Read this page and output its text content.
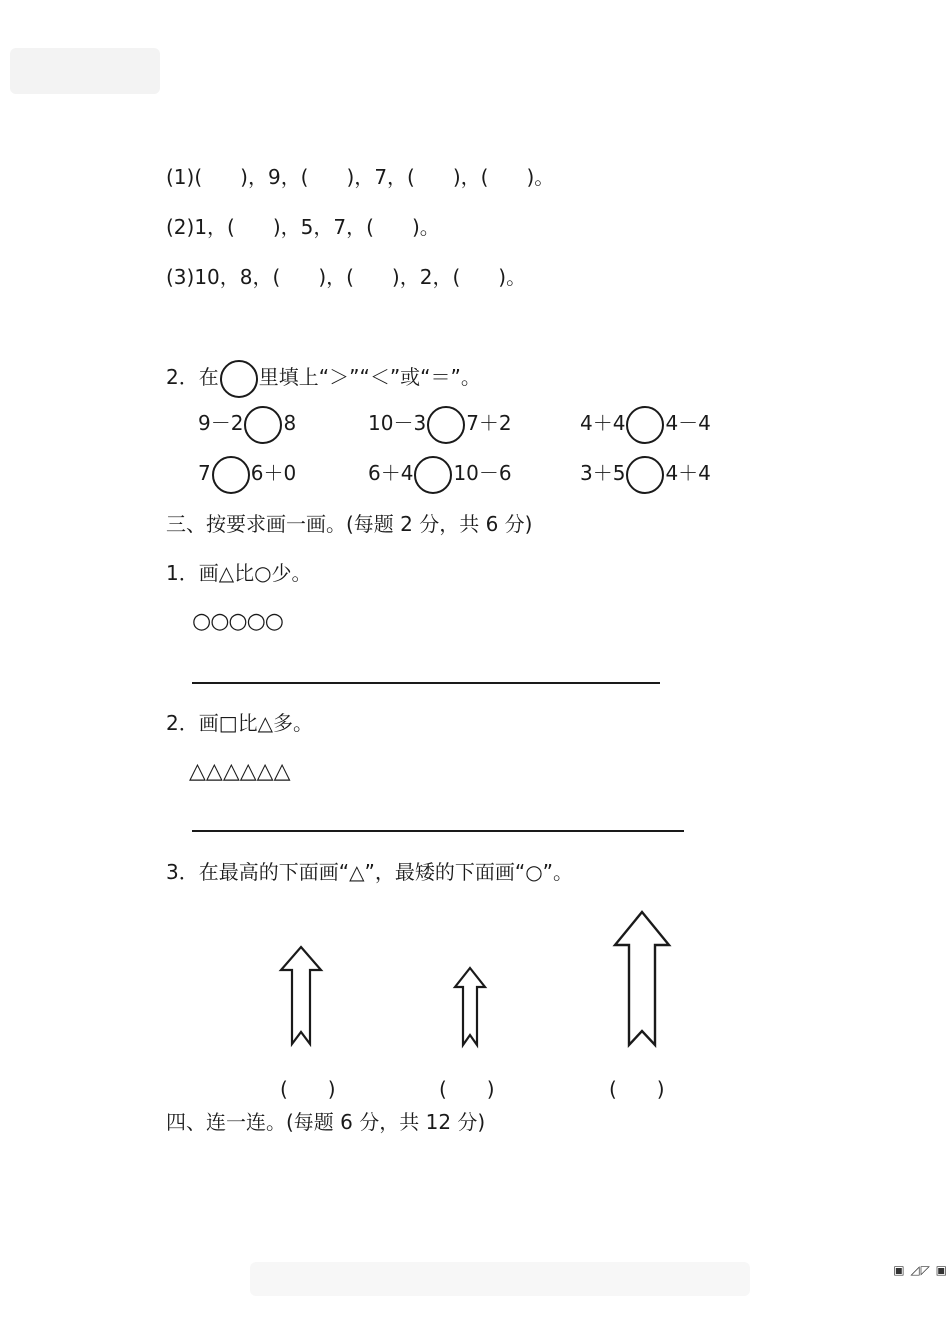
(1)( )，9，( )，7，( )，( )。
(2)1，( )，5，7，( )。
(3)10，8，( )，( )，2，( )。
2．在 里填上“＞”“＜”或“＝”。
9－2 8	10－3 7＋2	4＋4 4－4
7 6＋0	6＋4 10－6	3＋5 4＋4
三、按要求画一画。(每题 2 分，共 6 分)
1．画△比○少。
○○○○○
2．画□比△多。
△△△△△△
3．在最高的下面画“△”，最矮的下面画“○”。
(　　)	(　　)	(　　)
四、连一连。(每题 6 分，共 12 分)
▣ ◿◸ ▣
